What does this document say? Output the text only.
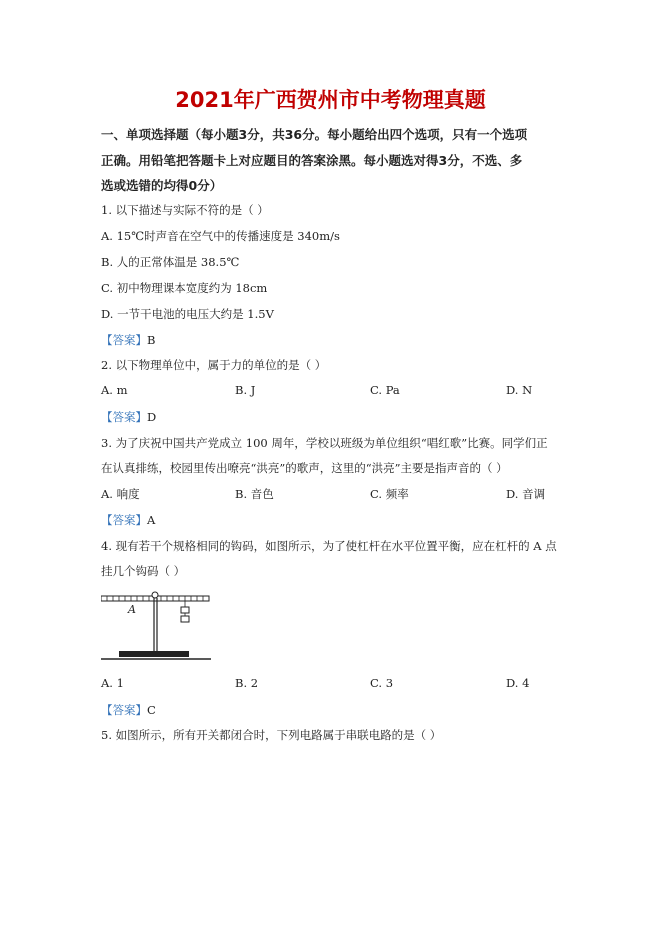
2021年广西贺州市中考物理真题
一、单项选择题（每小题3分，共36分。每小题给出四个选项，只有一个选项
正确。用铅笔把答题卡上对应题目的答案涂黑。每小题选对得3分，不选、多
选或选错的均得0分）
1. 以下描述与实际不符的是（ ）
A. 15℃时声音在空气中的传播速度是 340m/s
B. 人的正常体温是 38.5℃
C. 初中物理课本宽度约为 18cm
D. 一节干电池的电压大约是 1.5V
【答案】B
2. 以下物理单位中，属于力的单位的是（ ）
A. m	B. J	C. Pa	D. N
【答案】D
3. 为了庆祝中国共产党成立 100 周年，学校以班级为单位组织“唱红歌”比赛。同学们正
在认真排练，校园里传出嘹亮“洪亮”的歌声，这里的“洪亮”主要是指声音的（ ）
A. 响度	B. 音色	C. 频率	D. 音调
【答案】A
4. 现有若干个规格相同的钩码，如图所示，为了使杠杆在水平位置平衡，应在杠杆的 A 点
挂几个钩码（ ）
A
A. 1	B. 2	C. 3	D. 4
【答案】C
5. 如图所示，所有开关都闭合时，下列电路属于串联电路的是（ ）
